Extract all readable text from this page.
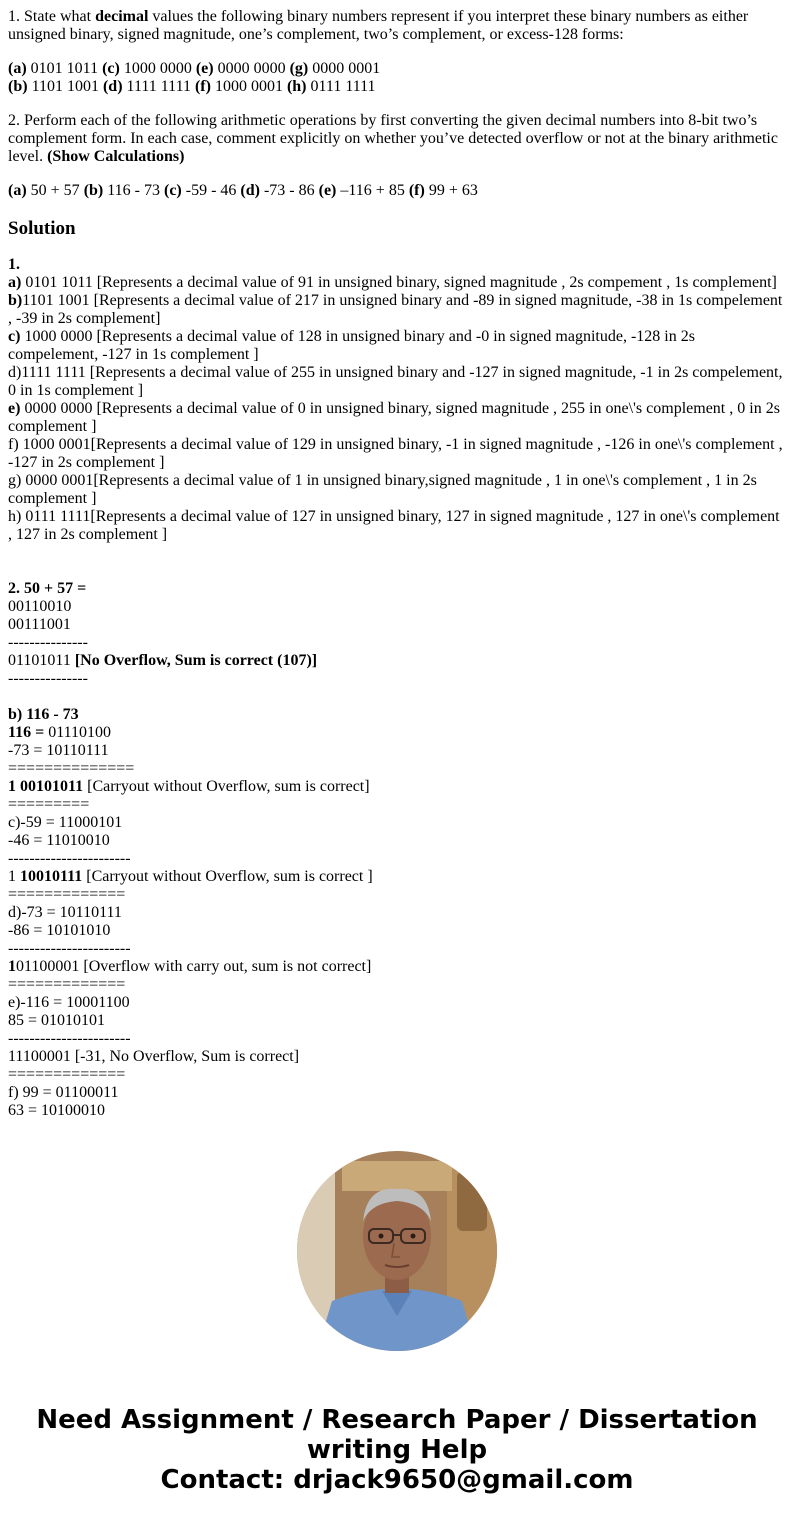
1. State what decimal values the following binary numbers represent if you interpret these binary numbers as either unsigned binary, signed magnitude, one’s complement, two’s complement, or excess-128 forms:

(a) 0101 1011 (c) 1000 0000 (e) 0000 0000 (g) 0000 0001
(b) 1101 1001 (d) 1111 1111 (f) 1000 0001 (h) 0111 1111

2. Perform each of the following arithmetic operations by first converting the given decimal numbers into 8-bit two’s complement form. In each case, comment explicitly on whether you’ve detected overflow or not at the binary arithmetic level. (Show Calculations)

(a) 50 + 57 (b) 116 - 73 (c) -59 - 46 (d) -73 - 86 (e) –116 + 85 (f) 99 + 63

Solution
1.
a) 0101 1011 [Represents a decimal value of 91 in unsigned binary, signed magnitude , 2s compement , 1s complement]
b)1101 1001 [Represents a decimal value of 217 in unsigned binary and -89 in signed magnitude, -38 in 1s compelement , -39 in 2s complement]
c) 1000 0000 [Represents a decimal value of 128 in unsigned binary and -0 in signed magnitude, -128 in 2s compelement, -127 in 1s complement ]
d)1111 1111 [Represents a decimal value of 255 in unsigned binary and -127 in signed magnitude, -1 in 2s compelement, 0 in 1s complement ]
e) 0000 0000 [Represents a decimal value of 0 in unsigned binary, signed magnitude , 255 in one\'s complement , 0 in 2s complement ]
f) 1000 0001[Represents a decimal value of 129 in unsigned binary, -1 in signed magnitude , -126 in one\'s complement , -127 in 2s complement ]
g) 0000 0001[Represents a decimal value of 1 in unsigned binary,signed magnitude , 1 in one\'s complement , 1 in 2s complement ]
h) 0111 1111[Represents a decimal value of 127 in unsigned binary, 127 in signed magnitude , 127 in one\'s complement , 127 in 2s complement ]
2. 50 + 57 =
00110010
00111001
---------------
01101011 [No Overflow, Sum is correct (107)]
---------------
b) 116 - 73
116 = 01110100
-73 = 10110111
==============
1 00101011 [Carryout without Overflow, sum is correct]
=========
c)-59 = 11000101
-46 = 11010010
-----------------------
1 10010111 [Carryout without Overflow, sum is correct ]
=============
d)-73 = 10110111
-86 = 10101010
-----------------------
101100001 [Overflow with carry out, sum is not correct]
=============
e)-116 = 10001100
85 = 01010101
-----------------------
11100001 [-31, No Overflow, Sum is correct]
=============
f) 99 = 01100011
63 = 10100010
Need Assignment / Research Paper / Dissertation
writing Help
Contact: drjack9650@gmail.com
